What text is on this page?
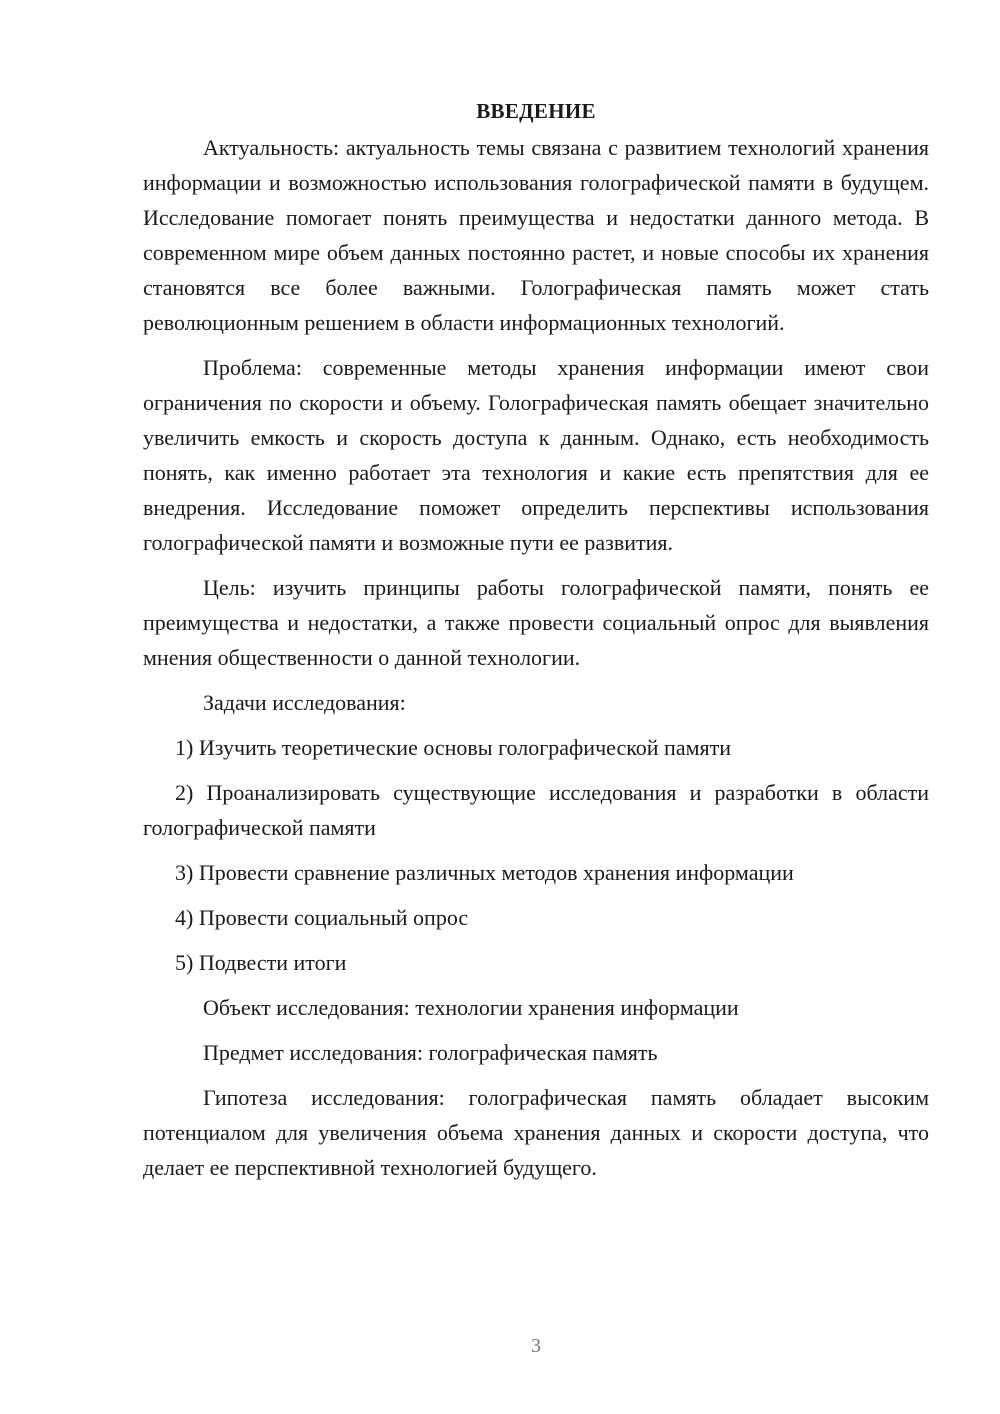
ВВЕДЕНИЕ

Актуальность: актуальность темы связана с развитием технологий хранения информации и возможностью использования голографической памяти в будущем. Исследование помогает понять преимущества и недостатки данного метода. В современном мире объем данных постоянно растет, и новые способы их хранения становятся все более важными. Голографическая память может стать революционным решением в области информационных технологий.

Проблема: современные методы хранения информации имеют свои ограничения по скорости и объему. Голографическая память обещает значительно увеличить емкость и скорость доступа к данным. Однако, есть необходимость понять, как именно работает эта технология и какие есть препятствия для ее внедрения. Исследование поможет определить перспективы использования голографической памяти и возможные пути ее развития.

Цель: изучить принципы работы голографической памяти, понять ее преимущества и недостатки, а также провести социальный опрос для выявления мнения общественности о данной технологии.

Задачи исследования:

1) Изучить теоретические основы голографической памяти

2) Проанализировать существующие исследования и разработки в области голографической памяти

3) Провести сравнение различных методов хранения информации

4) Провести социальный опрос

5) Подвести итоги

Объект исследования: технологии хранения информации

Предмет исследования: голографическая память

Гипотеза исследования: голографическая память обладает высоким потенциалом для увеличения объема хранения данных и скорости доступа, что делает ее перспективной технологией будущего.

3
